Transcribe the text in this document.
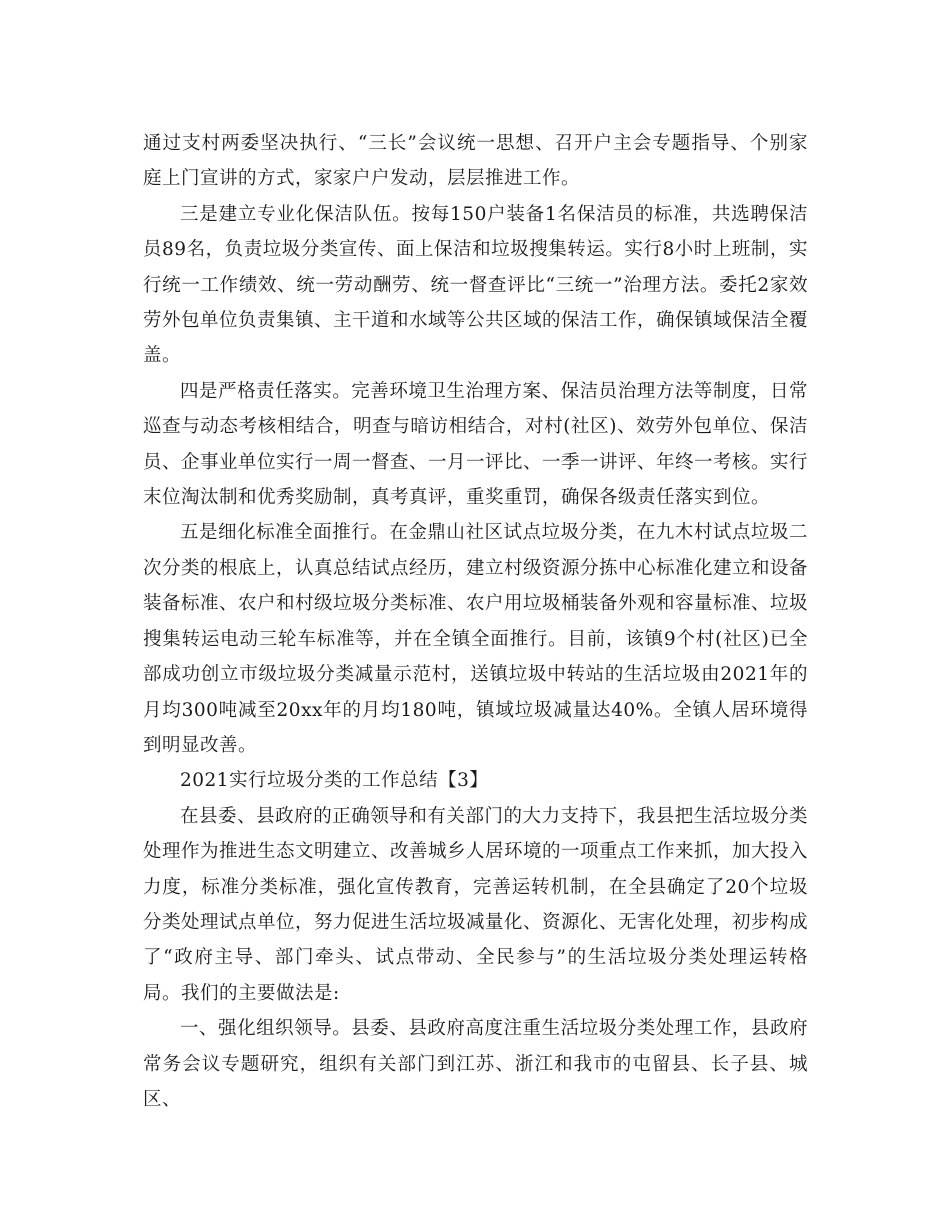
通过支村两委坚决执行、“三长”会议统一思想、召开户主会专题指导、个别家庭上门宣讲的方式，家家户户发动，层层推进工作。

三是建立专业化保洁队伍。按每150户装备1名保洁员的标准，共选聘保洁员89名，负责垃圾分类宣传、面上保洁和垃圾搜集转运。实行8小时上班制，实行统一工作绩效、统一劳动酬劳、统一督查评比“三统一”治理方法。委托2家效劳外包单位负责集镇、主干道和水域等公共区域的保洁工作，确保镇域保洁全覆盖。

四是严格责任落实。完善环境卫生治理方案、保洁员治理方法等制度，日常巡查与动态考核相结合，明查与暗访相结合，对村(社区)、效劳外包单位、保洁员、企事业单位实行一周一督查、一月一评比、一季一讲评、年终一考核。实行末位淘汰制和优秀奖励制，真考真评，重奖重罚，确保各级责任落实到位。

五是细化标准全面推行。在金鼎山社区试点垃圾分类，在九木村试点垃圾二次分类的根底上，认真总结试点经历，建立村级资源分拣中心标准化建立和设备装备标准、农户和村级垃圾分类标准、农户用垃圾桶装备外观和容量标准、垃圾搜集转运电动三轮车标准等，并在全镇全面推行。目前，该镇9个村(社区)已全部成功创立市级垃圾分类减量示范村，送镇垃圾中转站的生活垃圾由2021年的月均300吨减至20xx年的月均180吨，镇域垃圾减量达40%。全镇人居环境得到明显改善。

2021实行垃圾分类的工作总结【3】

在县委、县政府的正确领导和有关部门的大力支持下，我县把生活垃圾分类处理作为推进生态文明建立、改善城乡人居环境的一项重点工作来抓，加大投入力度，标准分类标准，强化宣传教育，完善运转机制，在全县确定了20个垃圾分类处理试点单位，努力促进生活垃圾减量化、资源化、无害化处理，初步构成了“政府主导、部门牵头、试点带动、全民参与”的生活垃圾分类处理运转格局。我们的主要做法是:

一、强化组织领导。县委、县政府高度注重生活垃圾分类处理工作，县政府常务会议专题研究，组织有关部门到江苏、浙江和我市的屯留县、长子县、城区、
